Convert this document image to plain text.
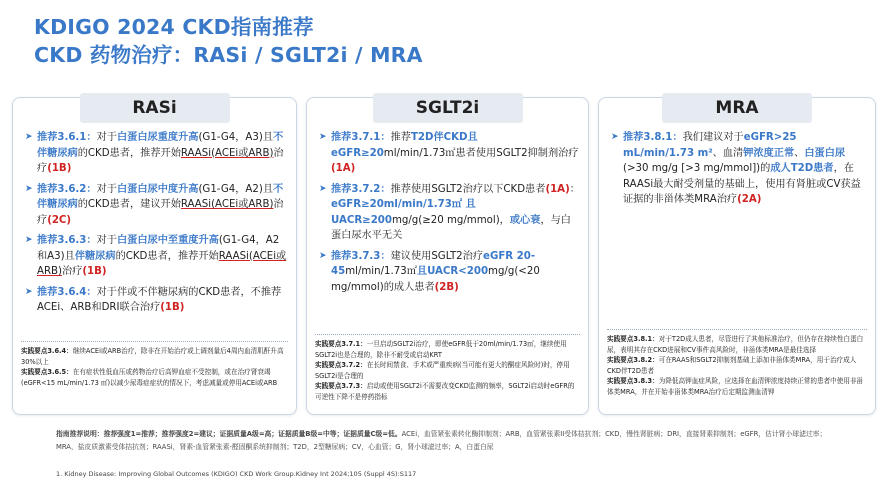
KDIGO 2024 CKD指南推荐
CKD 药物治疗：RASi / SGLT2i / MRA
RASi
➤ 推荐3.6.1：对于白蛋白尿重度升高(G1-G4，A3)且不伴糖尿病的CKD患者，推荐开始RAASi(ACEi或ARB)治疗(1B)
➤ 推荐3.6.2：对于白蛋白尿中度升高(G1-G4，A2)且不伴糖尿病的CKD患者，建议开始RAASi(ACEi或ARB)治疗(2C)
➤ 推荐3.6.3：对于白蛋白尿中至重度升高(G1-G4，A2和A3)且伴糖尿病的CKD患者，推荐开始RAASi(ACEi或ARB)治疗(1B)
➤ 推荐3.6.4：对于伴或不伴糖尿病的CKD患者，不推荐ACEi、ARB和DRI联合治疗(1B)
实践要点3.6.4：继续ACEi或ARB治疗，除非在开始治疗或上调剂量后4周内血清肌酐升高30%以上
实践要点3.6.5：在有症状性低血压或药物治疗后高钾血症不受控制，或在治疗肾衰竭(eGFR<15 mL/min/1.73 ㎡)以减少尿毒症症状的情况下，考虑减量或停用ACEi或ARB
SGLT2i
➤ 推荐3.7.1：推荐T2D伴CKD且eGFR≥20ml/min/1.73㎡患者使用SGLT2抑制剂治疗(1A)
➤ 推荐3.7.2：推荐使用SGLT2治疗以下CKD患者(1A)：eGFR≥20ml/min/1.73㎡ 且UACR≥200mg/g(≥20 mg/mmol)，或心衰，与白蛋白尿水平无关
➤ 推荐3.7.3：建议使用SGLT2治疗eGFR 20-45ml/min/1.73㎡且UACR<200mg/g(<20 mg/mmol)的成人患者(2B)
实践要点3.7.1：一旦启动SGLT2i治疗，即使eGFR低于20ml/min/1.73㎡，继续使用SGLT2i也是合理的，除非不耐受或启动KRT
实践要点3.7.2：在长时间禁食、手术或严重疾病(当可能有更大的酮症风险时)时，停用SGLT2i是合理的
实践要点3.7.3：启动或使用SGLT2i不需要改变CKD监测的频率，SGLT2i启动时eGFR的可逆性下降不是停药指标
MRA
➤ 推荐3.8.1：我们建议对于eGFR>25 mL/min/1.73 m²、血清钾浓度正常、白蛋白尿(>30 mg/g [>3 mg/mmol])的成人T2D患者，在RAASi最大耐受剂量的基础上，使用有肾脏或CV获益证据的非甾体类MRA治疗(2A)
实践要点3.8.1：对于T2D成人患者，尽管进行了其他标准治疗，但仍存在持续性白蛋白尿，表明其存在CKD进展和CV事件高风险时，非甾体类MRA是最佳选择
实践要点3.8.2：可在RAAS和SGLT2抑制剂基础上添加非甾体类MRA，用于治疗成人CKD伴T2D患者
实践要点3.8.3：为降低高钾血症风险，应选择在血清钾浓度持续正常的患者中使用非甾体类MRA，并在开始非甾体类MRA治疗后定期监测血清钾
指南推荐说明：推荐强度1=推荐；推荐强度2=建议；证据质量A级=高；证据质量B级=中等；证据质量C级=低。ACEi，血管紧张素转化酶抑制剂；ARB，血管紧张素II受体拮抗剂；CKD，慢性肾脏病；DRI，直接肾素抑制剂；eGFR，估计肾小球滤过率；MRA，盐皮质激素受体拮抗剂；RAASi，肾素-血管紧张素-醛固酮系统抑制剂；T2D，2型糖尿病；CV，心血管；G，肾小球滤过率；A，白蛋白尿
1. Kidney Disease: Improving Global Outcomes (KDIGO) CKD Work Group.Kidney Int 2024;105 (Suppl 4S):S117
